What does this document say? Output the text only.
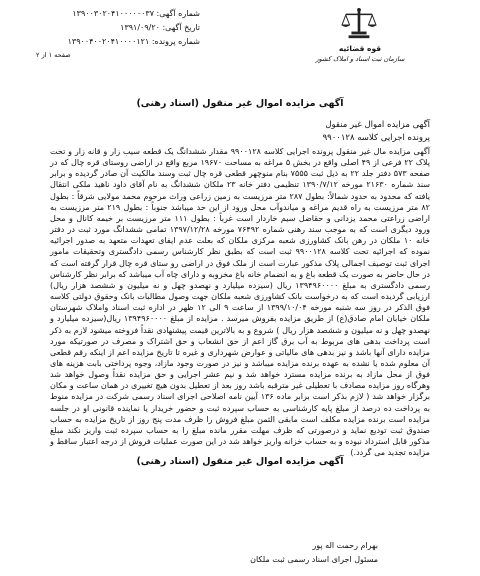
شماره آگهی: ۱۳۹۰۰۳۰۲۰۴۱۰۰۰۰۰۰۳۷
تاریخ آگهی: ۱۳۹۱/۰۹/۲۰
شماره پرونده: ۱۳۹۰۰۴۰۰۲۰۴۱۰۰۰۰۱۲۱
صفحه ۱ از ۲
قوه قضائیه
سازمان ثبت اسناد و املاک کشور
آگهی مزایده اموال غیر منقول (اسناد رهنی)
آگهی مزایده اموال غیر منقول
پرونده اجرایی کلاسه ۹۹۰۰۱۲۸
آگهی مزایده مال غیر منقول پرونده اجرایی کلاسه ۹۹۰۰۱۲۸ مقدار ششدانگ یک قطعه سیب زار و قانه زار و تحت پلاک ۲۲ فرعی از ۴۹ اصلی واقع در بخش ۵ مراغه به مساحت ۱۹۶۷۰ مربع واقع در اراضی روستای قره چال که در صفحه ۵۷۳ دفتر جلد ۲۲ به ذیل ثبت ۷۵۵۵ بنام منوچهر قطعی قره چال ثبت وسند مالکیت آن صادر گردیده و برابر سند شماره ۲۱۶۳۰ مورخه ۱۳۹۰/۷/۱۲ تنظیمی دفتر خانه ۲۳ ملکان ششدانگ به نام آقای داود ناهید ملکی انتقال یافته که محدود به حدود شمالاً: بطول ۲۸۷ متر مرزیست به زمین زراعی وراث مرحوم محمد مولایی شرقاً : بطول ۸۲ متر مرزیست به راه قدیم مراغه و میاندوآب محل ورود از این حد میباشد جنوباً : بطول ۲۱۹ متر مرزیست به اراضی زراعتی محمد یزدانی و حقاضل سیم خاردار است غرباً : بطول ۱۱۱ متر مرزیست بر خیمه کانال و محل ورود دیگری است که به موجب سند رهنی شماره ۷۶۴۹۲ مورخه ۱۳۹۷/۱۲/۲۸ تمامی ششدانگ مورد ثبت در دفتر خانه ۱۰ ملکان در رهن بانک کشاورزی شعبه مرکزی ملکان که بعلت عدم ایفای تعهدات متعهد به صدور اجرائیه نموده که اجرائیه تحت کلاسه ۹۹۰۰۱۲۸ ثبت است که بطبق نظر کارشناس رسمی دادگستری وتحقیقات مامور اجرای ثبت توصیف اجمالی پلاک مذکور عبارت است از ملک فوق در اراضی رو ستای قره چال قرار گرفته است که در حال حاضر به صورت یک قطعه باغ و به انضمام خانه باغ مخروبه و دارای چاه آب میباشد که برابر نظر کارشناس رسمی دادگستری به مبلغ ۱۳۹۴۹۶۰۰۰۰ ریال (سیزده میلیارد و نهصدو چهل و نه میلیون و ششصد هزار ریال) ارزیابی گردیده است که به درخواست بانک کشاورزی شعبه ملکان جهت وصول مطالبات بانک وحقوق دولتی کلاسه فوق الذکر در روز سه شنبه مورخه ۱۳۹۹/۱۰/۰۴ از ساعت ۹ الی ۱۲ ظهر در اداره ثبت اسناد واملاک شهرستان ملکان خیابان امام صادق(ع) از طریق مزایده بفروش میرسد . مزایده از مبلغ ۱۳۹۴۹۶۰۰۰۰ ریال(سیزده میلیارد و نهصدو چهل و نه میلیون و ششصد هزار ریال ) شروع و به بالاترین قیمت پیشنهادی نقداً فروخته میشود لازم به ذکر است پرداخت بدهی های مربوط به آب برق گاز اعم از حق انشعاب و حق اشتراک و مصرف در صورتیکه مورد مزایده دارای آنها باشد و نیز بدهی های مالیاتی و عوارض شهرداری و غیره تا تاریخ مزایده اعم از اینکه رقم قطعی آن معلوم شده یا نشده به عهده برنده مزایده میباشد و نیز در صورت وجود مازاد، وجوه پرداختی بابت هزینه های فوق از محل مازاد به برنده مزایده مسترد خواهد شد و نیم عشر اجرایی و حق مزایده نقداً وصول خواهد شد وهرگاه روز مزایده مصادف با تعطیلی غیر مترقبه باشد روز بعد از تعطیل بدون هیچ تغییری در همان ساعت و مکان برگزار خواهد شد ( لازم بذکر است برابر ماده ۱۳۶ آیین نامه اصلاحی اجرای اسناد رسمی شرکت در مزایده منوط به پرداخت ده درصد از مبلغ پایه کارشناسی به حساب سپرده ثبت و حضور خریدار یا نماینده قانونی او در جلسه مزایده است برنده مزایده مکلف است مابقی الثمن مبلغ فروش را ظرف مدت پنج روز از تاریخ مزایده به حساب صندوق ثبت تودیع نماید و درصورتی که ظرف مهلت مقرر مانده مبلغ را به حساب سپرده ثبت واریز نکند مبلغ مذکور قابل استرداد نبوده و به حساب خزانه واریز خواهد شد در این صورت عملیات فروش از درجه اعتبار ساقط و مزایده تجدید می گردد.)
آگهی مزایده اموال غیر منقول (اسناد رهنی)
بهرام رحمت اله پور
مسئول اجرای اسناد رسمی ثبت ملکان
